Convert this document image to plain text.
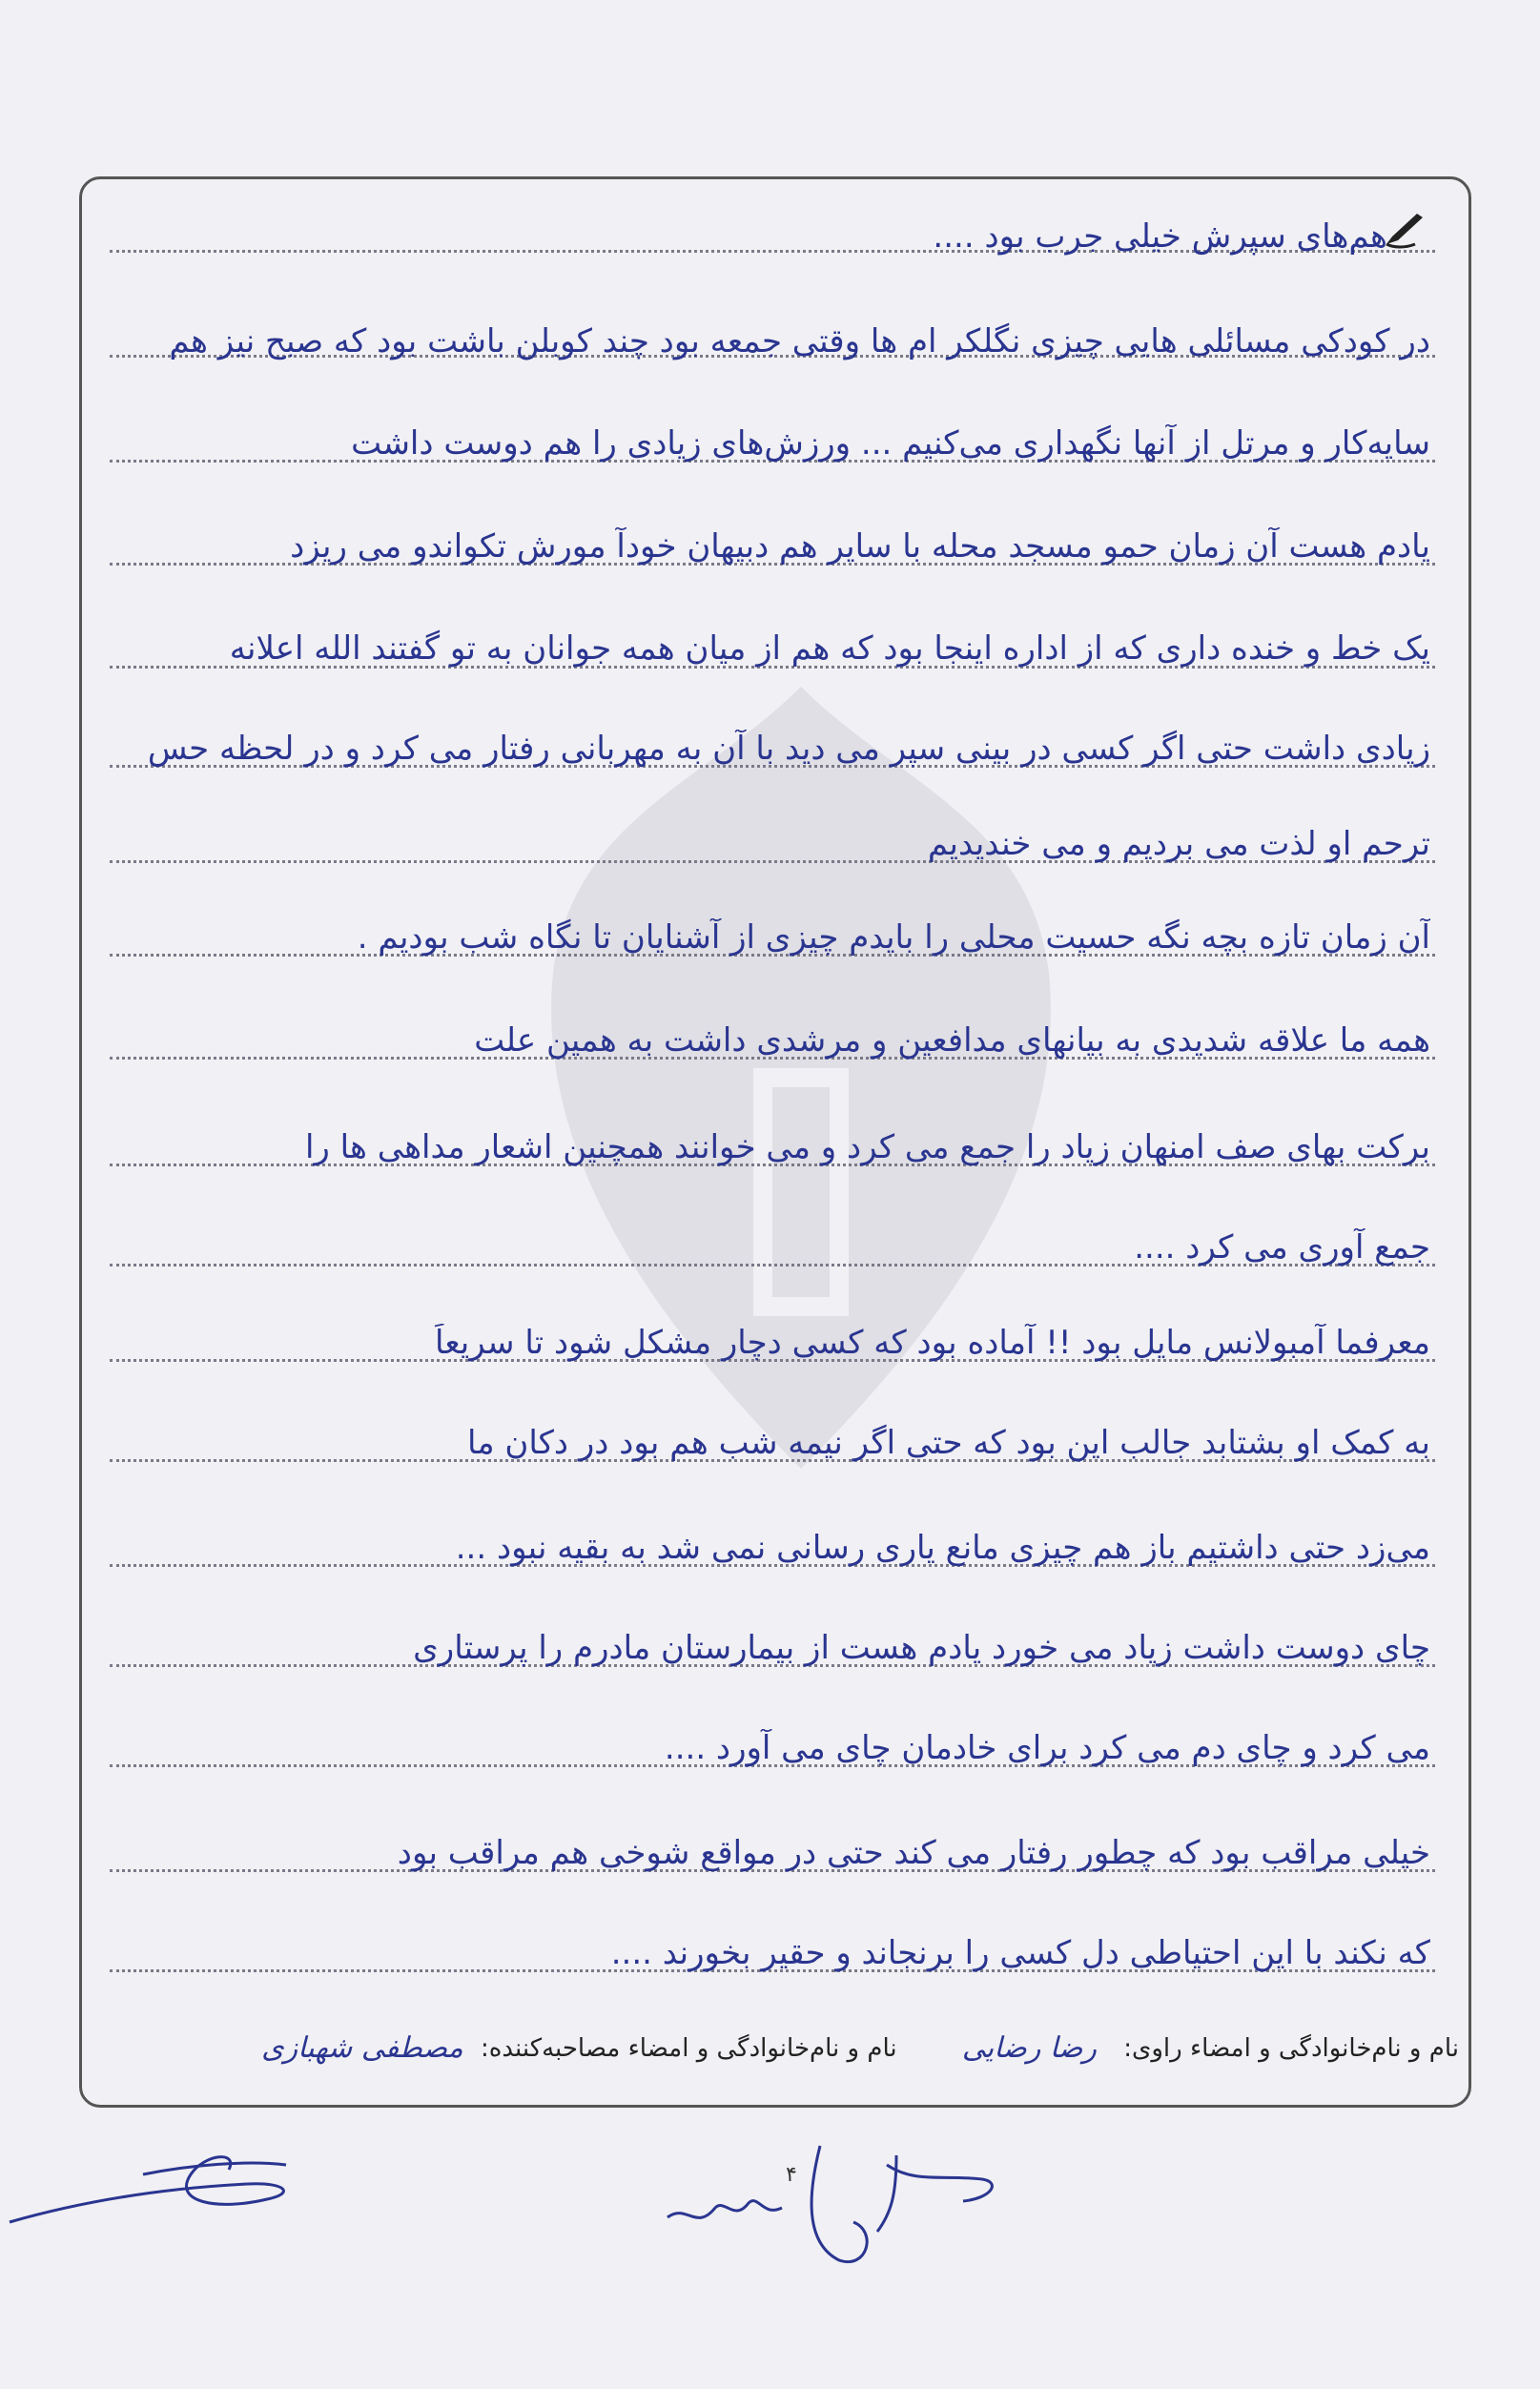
هم‌های سپرش خیلی جرب بود ....
در کودکی مسائلی هایی چیزی نگلکر ام ها وقتی جمعه بود چند کوبلن باشت بود که صبح نیز هم
سایه‌کار و مرتل از آنها نگهداری می‌کنیم ... ورزش‌های زیادی را هم دوست داشت
یادم هست آن زمان حمو مسجد محله با سایر هم دبیهان خودآ مورش تکواندو می ریزد
یک خط و خنده داری که از اداره اینجا بود که هم از میان همه جوانان به تو گفتند الله اعلانه
زیادی داشت حتی اگر کسی در بینی سپر می دید با آن به مهربانی رفتار می کرد و در لحظه حس
ترحم او لذت می بردیم و می خندیدیم
آن زمان تازه بچه نگه حسیت محلی را بایدم چیزی از آشنایان تا نگاه شب بودیم .
همه ما علاقه شدیدی به بیانهای مدافعین و مرشدی داشت به همین علت
برکت بهای صف امنهان زیاد را جمع می کرد و می خوانند همچنین اشعار مداهی ها را
جمع آوری می کرد ....
معرفما آمبولانس مایل بود !! آماده بود که کسی دچار مشکل شود تا سریعاً
به کمک او بشتابد جالب این بود که حتی اگر نیمه شب هم بود در دکان ما
می‌زد حتی داشتیم باز هم چیزی مانع یاری رسانی نمی شد به بقیه نبود ...
چای دوست داشت زیاد می خورد یادم هست از بیمارستان مادرم را پرستاری
می کرد و چای دم می کرد برای خادمان چای می آورد ....
خیلی مراقب بود که چطور رفتار می کند حتی در مواقع شوخی هم مراقب بود
که نکند با این احتیاطی دل کسی را برنجاند و حقیر بخورند ....
نام و نام‌خانوادگی و امضاء راوی: رضا رضایی نام و نام‌خانوادگی و امضاء مصاحبه‌کننده: مصطفی شهبازی
۴
